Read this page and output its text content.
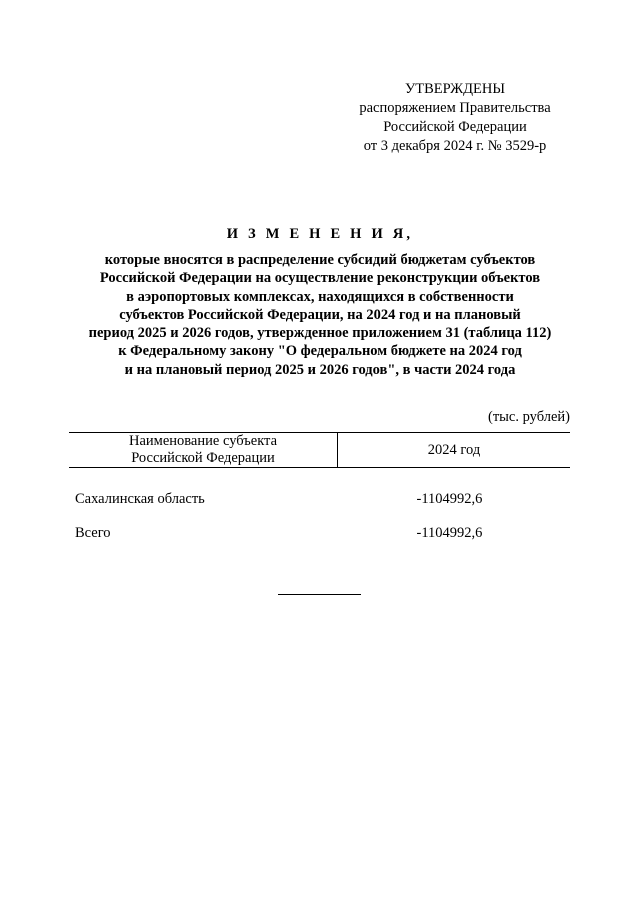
УТВЕРЖДЕНЫ
распоряжением Правительства
Российской Федерации
от 3 декабря 2024 г. № 3529-р
И З М Е Н Е Н И Я,
которые вносятся в распределение субсидий бюджетам субъектов
Российской Федерации на осуществление реконструкции объектов
в аэропортовых комплексах, находящихся в собственности
субъектов Российской Федерации, на 2024 год и на плановый
период 2025 и 2026 годов, утвержденное приложением 31 (таблица 112)
к Федеральному закону "О федеральном бюджете на 2024 год
и на плановый период 2025 и 2026 годов", в части 2024 года
(тыс. рублей)
Наименование субъекта
Российской Федерации	2024 год
Сахалинская область	-1104992,6
Всего	-1104992,6
